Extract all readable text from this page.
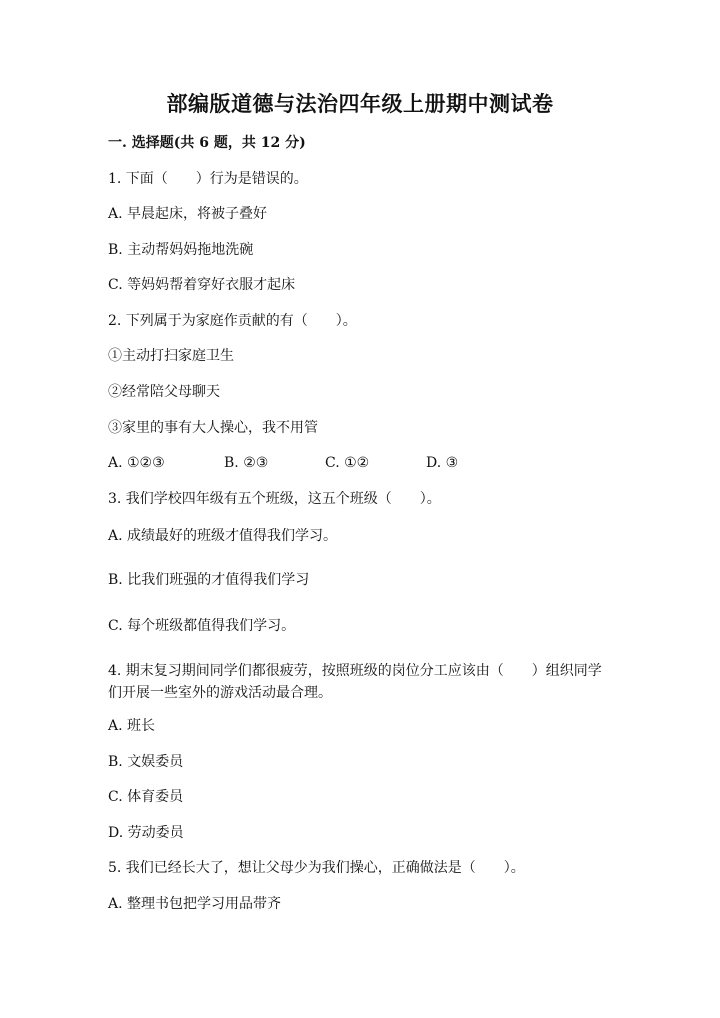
部编版道德与法治四年级上册期中测试卷
一. 选择题(共 6 题，共 12 分)
1. 下面（　　）行为是错误的。
A. 早晨起床，将被子叠好
B. 主动帮妈妈拖地洗碗
C. 等妈妈帮着穿好衣服才起床
2. 下列属于为家庭作贡献的有（　　）。
①主动打扫家庭卫生
②经常陪父母聊天
③家里的事有大人操心，我不用管
A. ①②③	B. ②③	C. ①②	D. ③
3. 我们学校四年级有五个班级，这五个班级（　　）。
A. 成绩最好的班级才值得我们学习。
B. 比我们班强的才值得我们学习
C. 每个班级都值得我们学习。
4. 期末复习期间同学们都很疲劳，按照班级的岗位分工应该由（　　）组织同学们开展一些室外的游戏活动最合理。
A. 班长
B. 文娱委员
C. 体育委员
D. 劳动委员
5. 我们已经长大了，想让父母少为我们操心，正确做法是（　　）。
A. 整理书包把学习用品带齐
